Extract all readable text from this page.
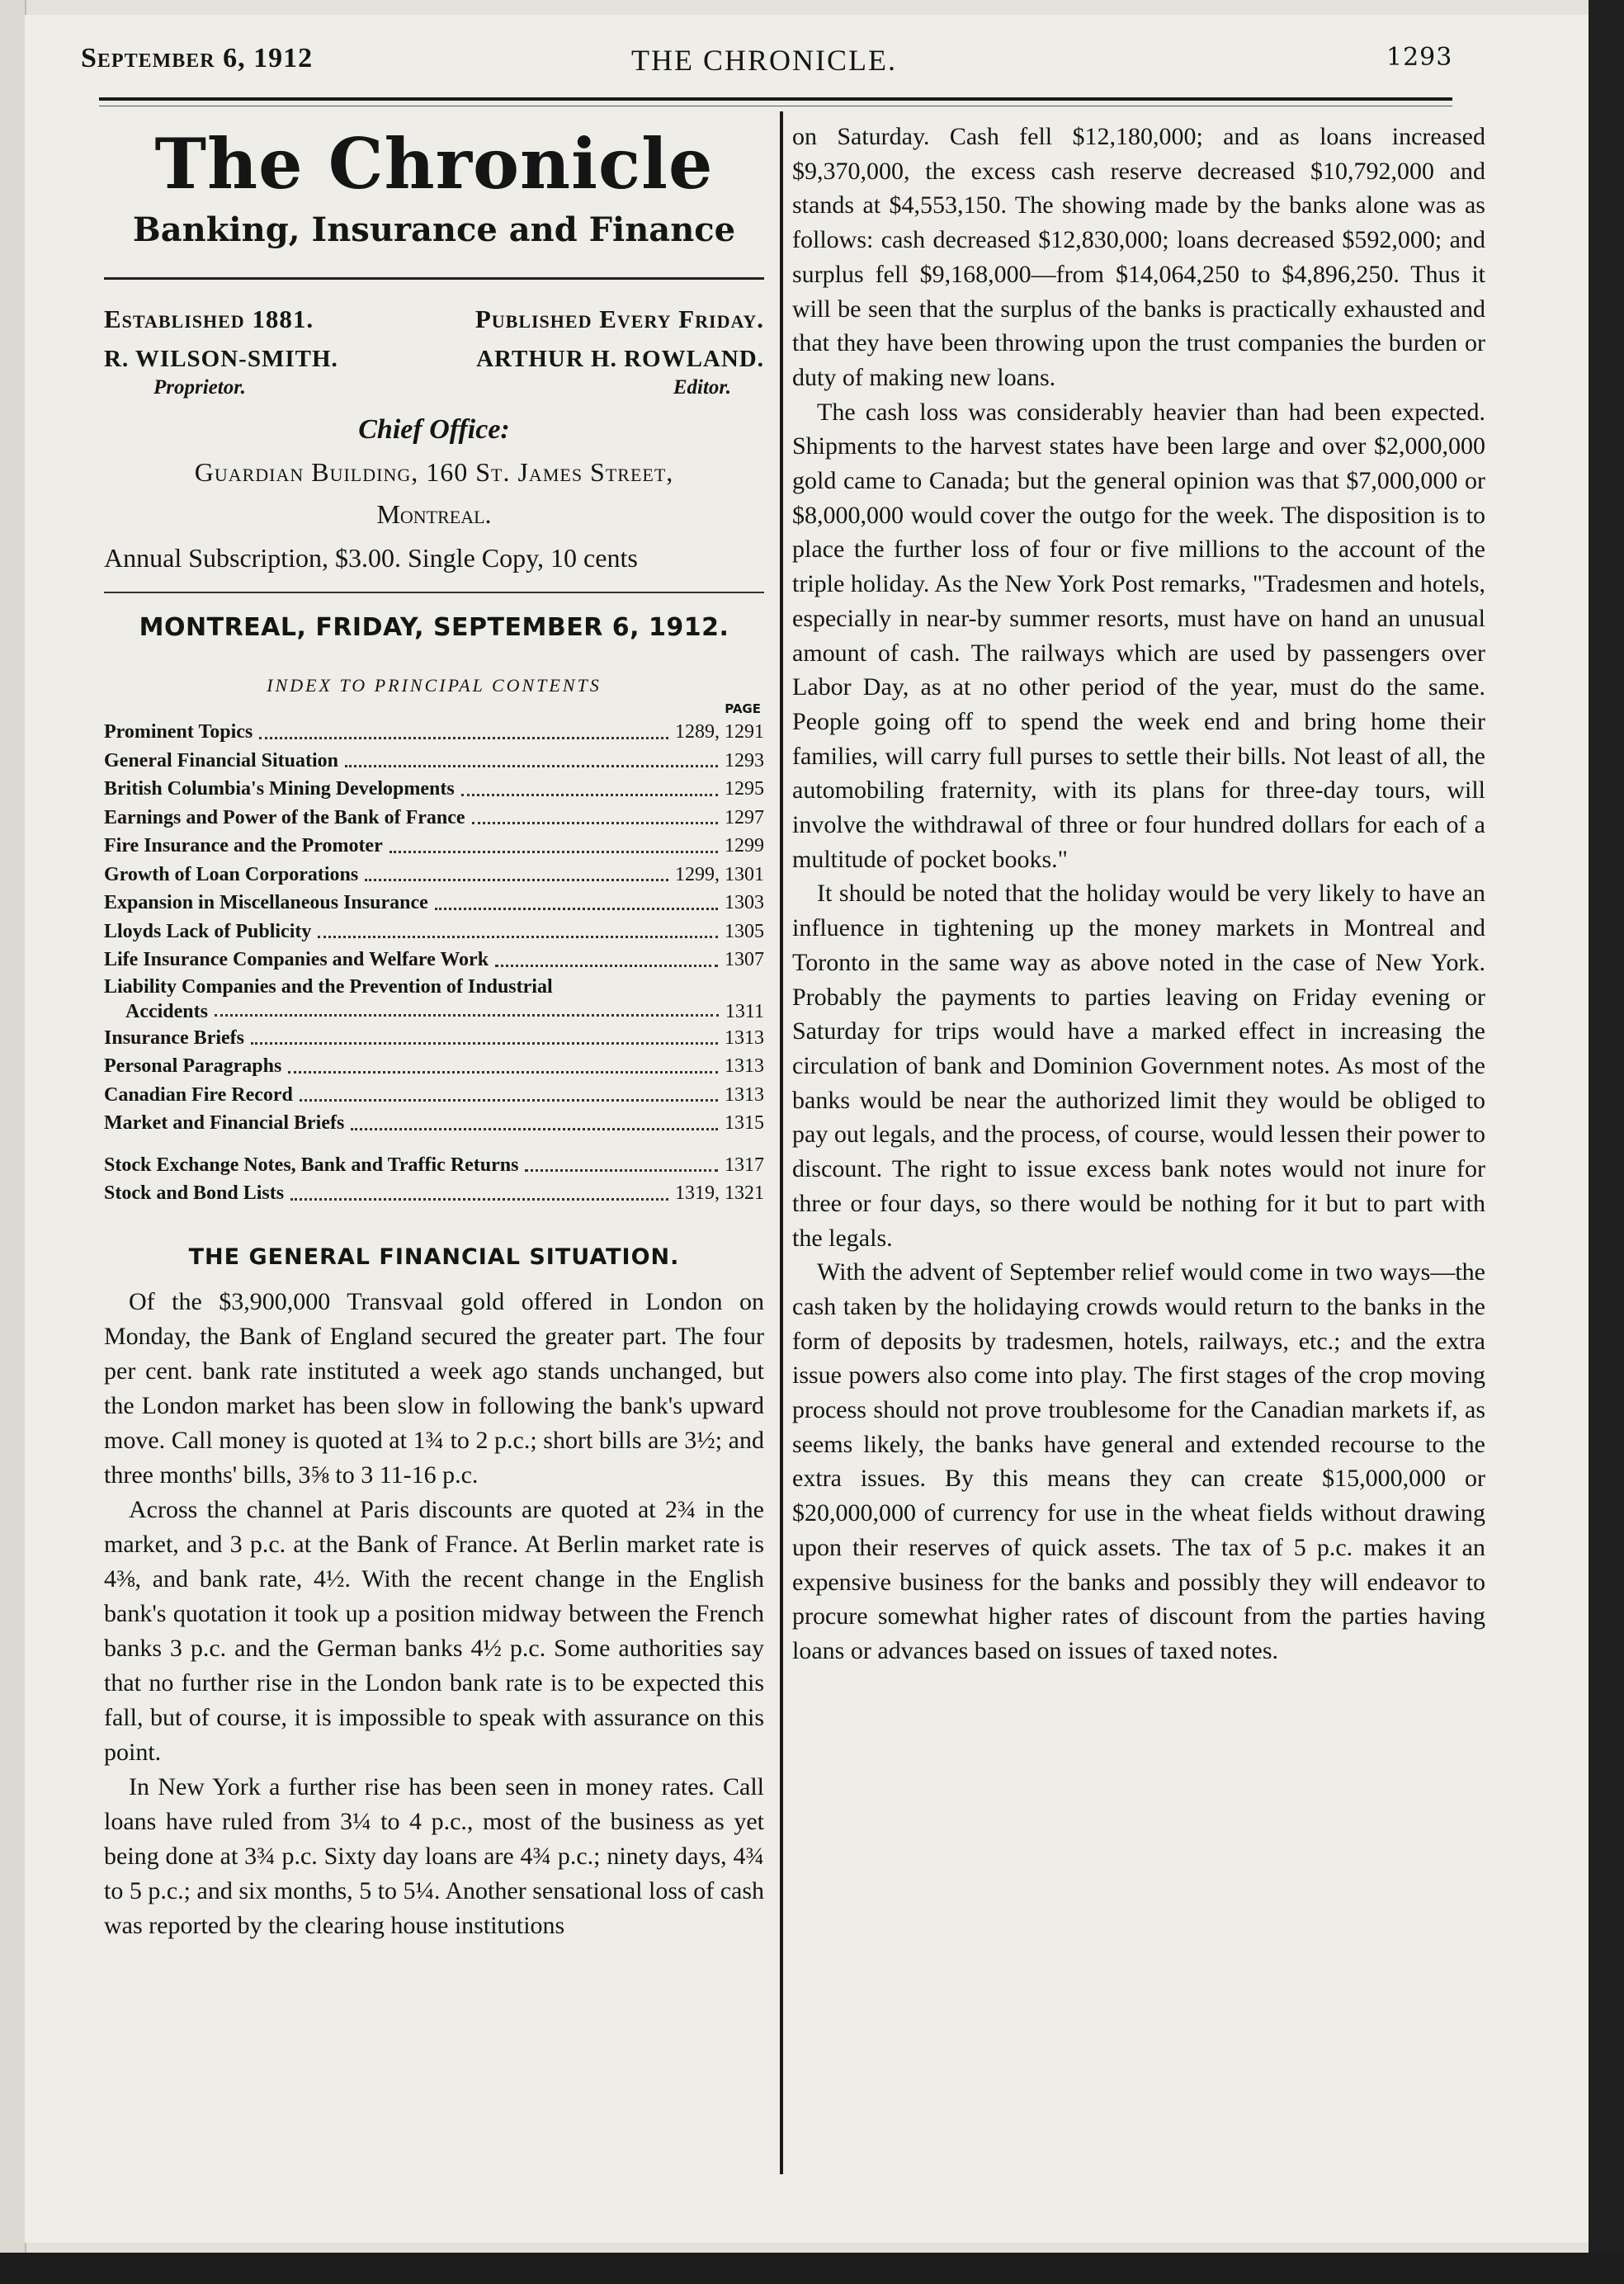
September 6, 1912	THE CHRONICLE.	1293
The Chronicle
Banking, Insurance and Finance
Established 1881.	Published Every Friday.
R. WILSON-SMITH.	ARTHUR H. ROWLAND.
Proprietor.	Editor.
Chief Office:
Guardian Building, 160 St. James Street,
Montreal.
Annual Subscription, $3.00. Single Copy, 10 cents
MONTREAL, FRIDAY, SEPTEMBER 6, 1912.
INDEX TO PRINCIPAL CONTENTS
PAGE
Prominent Topics	1289, 1291
General Financial Situation	1293
British Columbia's Mining Developments	1295
Earnings and Power of the Bank of France	1297
Fire Insurance and the Promoter	1299
Growth of Loan Corporations	1299, 1301
Expansion in Miscellaneous Insurance	1303
Lloyds Lack of Publicity	1305
Life Insurance Companies and Welfare Work	1307
Liability Companies and the Prevention of Industrial
Accidents	1311
Insurance Briefs	1313
Personal Paragraphs	1313
Canadian Fire Record	1313
Market and Financial Briefs	1315
Stock Exchange Notes, Bank and Traffic Returns	1317
Stock and Bond Lists	1319, 1321
THE GENERAL FINANCIAL SITUATION.

Of the $3,900,000 Transvaal gold offered in London on Monday, the Bank of England secured the greater part. The four per cent. bank rate instituted a week ago stands unchanged, but the London market has been slow in following the bank's upward move. Call money is quoted at 1¾ to 2 p.c.; short bills are 3½; and three months' bills, 3⅝ to 3 11-16 p.c.

Across the channel at Paris discounts are quoted at 2¾ in the market, and 3 p.c. at the Bank of France. At Berlin market rate is 4⅜, and bank rate, 4½. With the recent change in the English bank's quotation it took up a position midway between the French banks 3 p.c. and the German banks 4½ p.c. Some authorities say that no further rise in the London bank rate is to be expected this fall, but of course, it is impossible to speak with assurance on this point.

In New York a further rise has been seen in money rates. Call loans have ruled from 3¼ to 4 p.c., most of the business as yet being done at 3¾ p.c. Sixty day loans are 4¾ p.c.; ninety days, 4¾ to 5 p.c.; and six months, 5 to 5¼. Another sensational loss of cash was reported by the clearing house institutions

on Saturday. Cash fell $12,180,000; and as loans increased $9,370,000, the excess cash reserve decreased $10,792,000 and stands at $4,553,150. The showing made by the banks alone was as follows: cash decreased $12,830,000; loans decreased $592,000; and surplus fell $9,168,000—from $14,064,250 to $4,896,250. Thus it will be seen that the surplus of the banks is practically exhausted and that they have been throwing upon the trust companies the burden or duty of making new loans.

The cash loss was considerably heavier than had been expected. Shipments to the harvest states have been large and over $2,000,000 gold came to Canada; but the general opinion was that $7,000,000 or $8,000,000 would cover the outgo for the week. The disposition is to place the further loss of four or five millions to the account of the triple holiday. As the New York Post remarks, "Tradesmen and hotels, especially in near-by summer resorts, must have on hand an unusual amount of cash. The railways which are used by passengers over Labor Day, as at no other period of the year, must do the same. People going off to spend the week end and bring home their families, will carry full purses to settle their bills. Not least of all, the automobiling fraternity, with its plans for three-day tours, will involve the withdrawal of three or four hundred dollars for each of a multitude of pocket books."

It should be noted that the holiday would be very likely to have an influence in tightening up the money markets in Montreal and Toronto in the same way as above noted in the case of New York. Probably the payments to parties leaving on Friday evening or Saturday for trips would have a marked effect in increasing the circulation of bank and Dominion Government notes. As most of the banks would be near the authorized limit they would be obliged to pay out legals, and the process, of course, would lessen their power to discount. The right to issue excess bank notes would not inure for three or four days, so there would be nothing for it but to part with the legals.

With the advent of September relief would come in two ways—the cash taken by the holidaying crowds would return to the banks in the form of deposits by tradesmen, hotels, railways, etc.; and the extra issue powers also come into play. The first stages of the crop moving process should not prove troublesome for the Canadian markets if, as seems likely, the banks have general and extended recourse to the extra issues. By this means they can create $15,000,000 or $20,000,000 of currency for use in the wheat fields without drawing upon their reserves of quick assets. The tax of 5 p.c. makes it an expensive business for the banks and possibly they will endeavor to procure somewhat higher rates of discount from the parties having loans or advances based on issues of taxed notes.
